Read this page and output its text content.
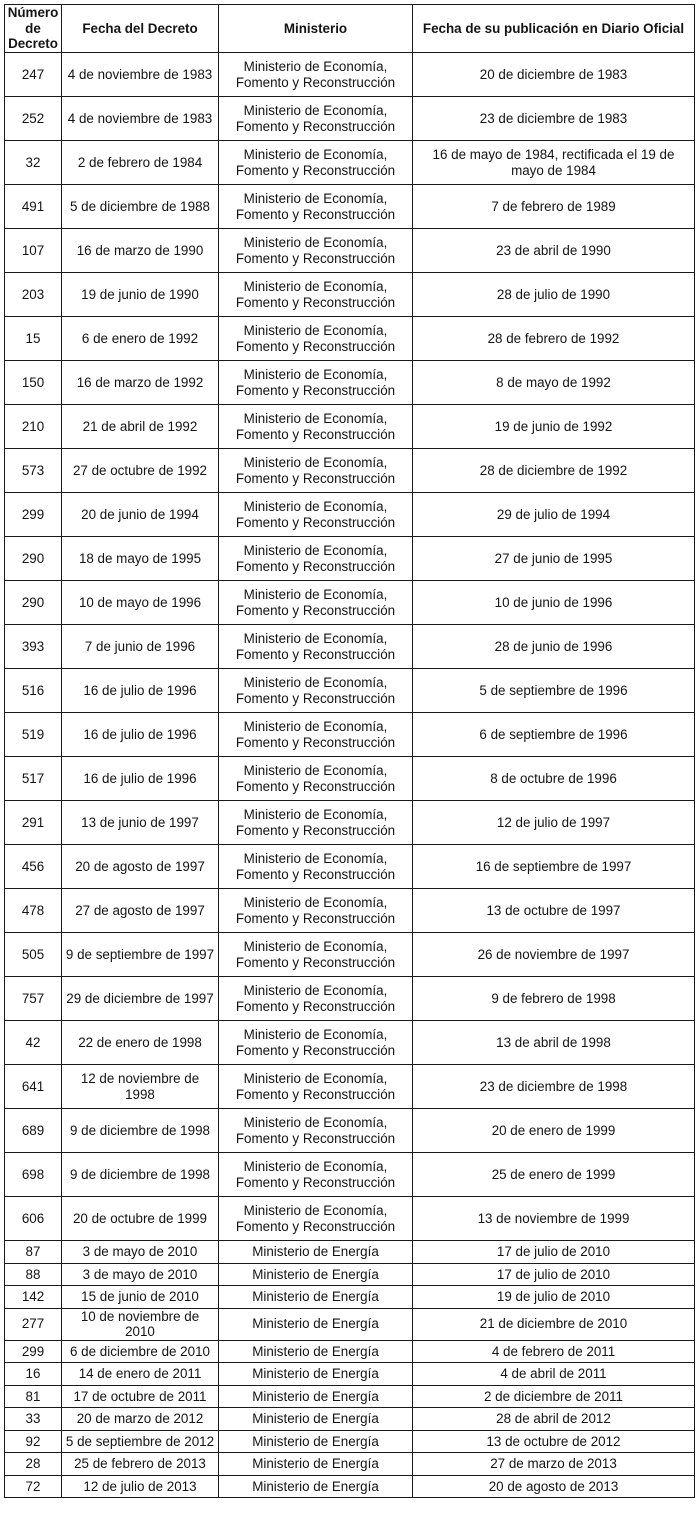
Número de Decreto	Fecha del Decreto	Ministerio	Fecha de su publicación en Diario Oficial
247	4 de noviembre de 1983	Ministerio de Economía, Fomento y Reconstrucción	20 de diciembre de 1983
252	4 de noviembre de 1983	Ministerio de Economía, Fomento y Reconstrucción	23 de diciembre de 1983
32	2 de febrero de 1984	Ministerio de Economía, Fomento y Reconstrucción	16 de mayo de 1984, rectificada el 19 de mayo de 1984
491	5 de diciembre de 1988	Ministerio de Economía, Fomento y Reconstrucción	7 de febrero de 1989
107	16 de marzo de 1990	Ministerio de Economía, Fomento y Reconstrucción	23 de abril de 1990
203	19 de junio de 1990	Ministerio de Economía, Fomento y Reconstrucción	28 de julio de 1990
15	6 de enero de 1992	Ministerio de Economía, Fomento y Reconstrucción	28 de febrero de 1992
150	16 de marzo de 1992	Ministerio de Economía, Fomento y Reconstrucción	8 de mayo de 1992
210	21 de abril de 1992	Ministerio de Economía, Fomento y Reconstrucción	19 de junio de 1992
573	27 de octubre de 1992	Ministerio de Economía, Fomento y Reconstrucción	28 de diciembre de 1992
299	20 de junio de 1994	Ministerio de Economía, Fomento y Reconstrucción	29 de julio de 1994
290	18 de mayo de 1995	Ministerio de Economía, Fomento y Reconstrucción	27 de junio de 1995
290	10 de mayo de 1996	Ministerio de Economía, Fomento y Reconstrucción	10 de junio de 1996
393	7 de junio de 1996	Ministerio de Economía, Fomento y Reconstrucción	28 de junio de 1996
516	16 de julio de 1996	Ministerio de Economía, Fomento y Reconstrucción	5 de septiembre de 1996
519	16 de julio de 1996	Ministerio de Economía, Fomento y Reconstrucción	6 de septiembre de 1996
517	16 de julio de 1996	Ministerio de Economía, Fomento y Reconstrucción	8 de octubre de 1996
291	13 de junio de 1997	Ministerio de Economía, Fomento y Reconstrucción	12 de julio de 1997
456	20 de agosto de 1997	Ministerio de Economía, Fomento y Reconstrucción	16 de septiembre de 1997
478	27 de agosto de 1997	Ministerio de Economía, Fomento y Reconstrucción	13 de octubre de 1997
505	9 de septiembre de 1997	Ministerio de Economía, Fomento y Reconstrucción	26 de noviembre de 1997
757	29 de diciembre de 1997	Ministerio de Economía, Fomento y Reconstrucción	9 de febrero de 1998
42	22 de enero de 1998	Ministerio de Economía, Fomento y Reconstrucción	13 de abril de 1998
641	12 de noviembre de 1998	Ministerio de Economía, Fomento y Reconstrucción	23 de diciembre de 1998
689	9 de diciembre de 1998	Ministerio de Economía, Fomento y Reconstrucción	20 de enero de 1999
698	9 de diciembre de 1998	Ministerio de Economía, Fomento y Reconstrucción	25 de enero de 1999
606	20 de octubre de 1999	Ministerio de Economía, Fomento y Reconstrucción	13 de noviembre de 1999
87	3 de mayo de 2010	Ministerio de Energía	17 de julio de 2010
88	3 de mayo de 2010	Ministerio de Energía	17 de julio de 2010
142	15 de junio de 2010	Ministerio de Energía	19 de julio de 2010
277	10 de noviembre de 2010	Ministerio de Energía	21 de diciembre de 2010
299	6 de diciembre de 2010	Ministerio de Energía	4 de febrero de 2011
16	14 de enero de 2011	Ministerio de Energía	4 de abril de 2011
81	17 de octubre de 2011	Ministerio de Energía	2 de diciembre de 2011
33	20 de marzo de 2012	Ministerio de Energía	28 de abril de 2012
92	5 de septiembre de 2012	Ministerio de Energía	13 de octubre de 2012
28	25 de febrero de 2013	Ministerio de Energía	27 de marzo de 2013
72	12 de julio de 2013	Ministerio de Energía	20 de agosto de 2013
